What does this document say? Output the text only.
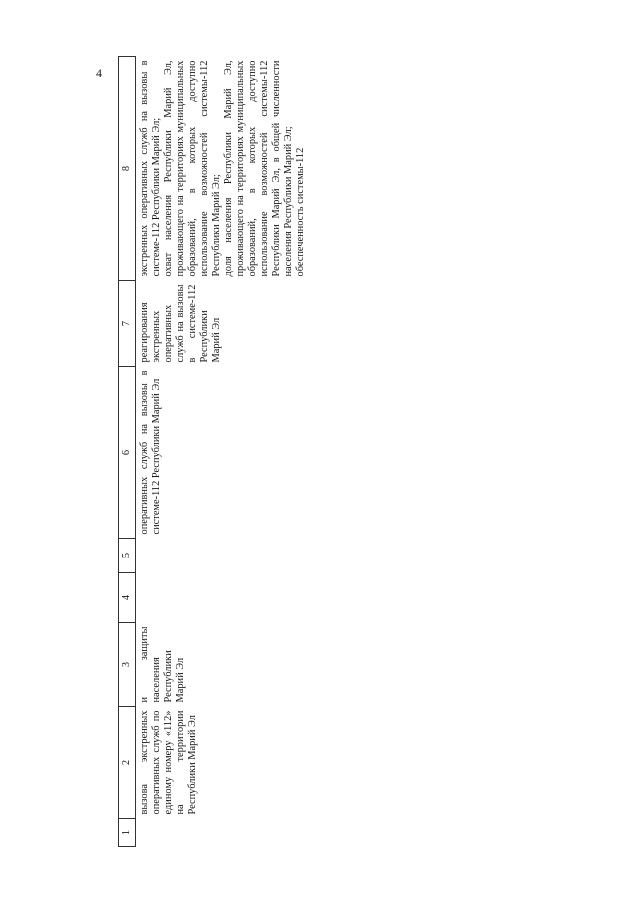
4
1	2	3	4	5	6	7	8
	вызова экстренных оперативных служб по единому номеру «112» на территории Республики Марий Эл	и защиты населения Республики Марий Эл			оперативных служб на вызовы в системе-112 Республики Марий Эл	реагирования экстренных оперативных служб на вызовы в системе-112 Республики Марий Эл	экстренных оперативных служб на вызовы в системе-112 Республики Марий Эл; охват населения Республики Марий Эл, проживающего на территориях муниципальных образований, в которых доступно использование возможностей системы-112 Республики Марий Эл; доля населения Республики Марий Эл, проживающего на территориях муниципальных образований, в которых доступно использование возможностей системы-112 Республики Марий Эл, в общей численности населения Республики Марий Эл; обеспеченность системы-112
